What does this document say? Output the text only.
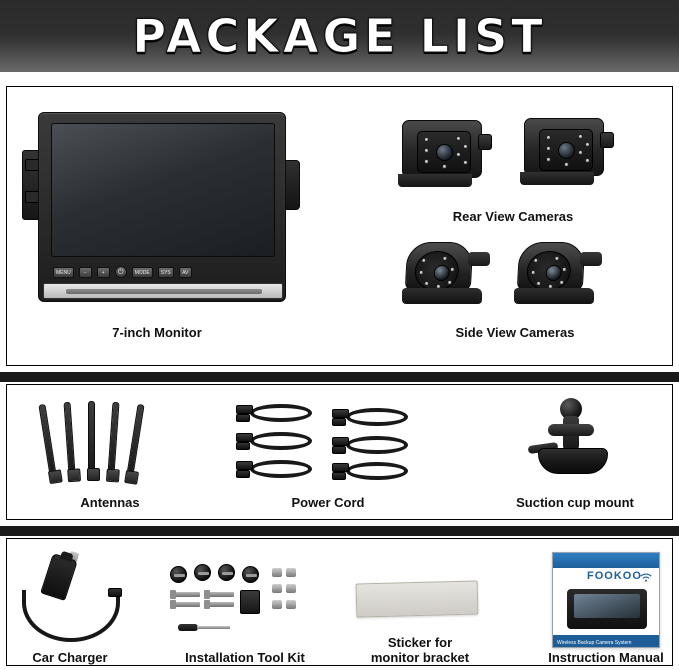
PACKAGE LIST
MENU	−	+	⏻	MODE	SYS	AV
7-inch Monitor
Rear View Cameras
Side View Cameras
Antennas	Power Cord	Suction cup mount
Car Charger	Installation Tool Kit
Sticker for
monitor bracket
FOOKOO
Wireless Backup Camera System
Instruction Manual
